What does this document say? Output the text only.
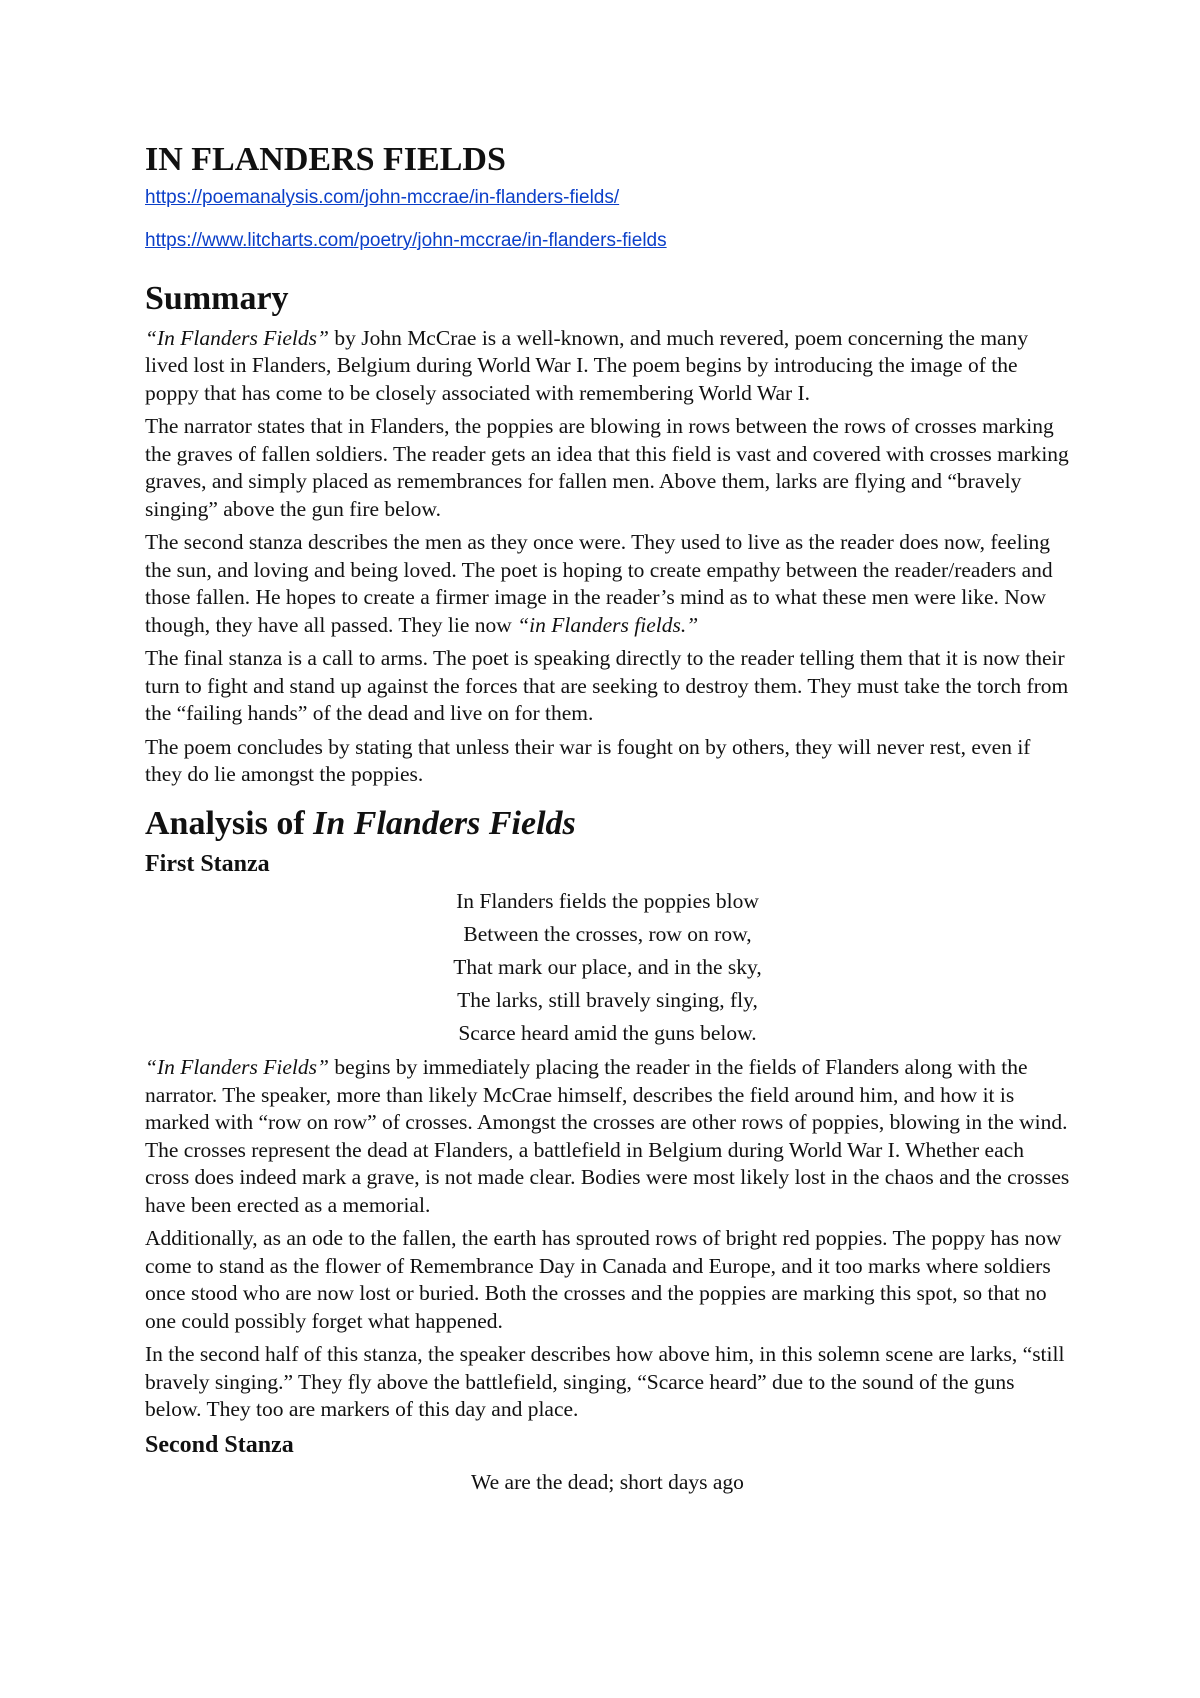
IN FLANDERS FIELDS
https://poemanalysis.com/john-mccrae/in-flanders-fields/
https://www.litcharts.com/poetry/john-mccrae/in-flanders-fields
Summary

“In Flanders Fields” by John McCrae is a well-known, and much revered, poem concerning the many lived lost in Flanders, Belgium during World War I. The poem begins by introducing the image of the poppy that has come to be closely associated with remembering World War I.

The narrator states that in Flanders, the poppies are blowing in rows between the rows of crosses marking the graves of fallen soldiers. The reader gets an idea that this field is vast and covered with crosses marking graves, and simply placed as remembrances for fallen men. Above them, larks are flying and “bravely singing” above the gun fire below.

The second stanza describes the men as they once were. They used to live as the reader does now, feeling the sun, and loving and being loved. The poet is hoping to create empathy between the reader/readers and those fallen. He hopes to create a firmer image in the reader’s mind as to what these men were like. Now though, they have all passed. They lie now “in Flanders fields.”

The final stanza is a call to arms. The poet is speaking directly to the reader telling them that it is now their turn to fight and stand up against the forces that are seeking to destroy them. They must take the torch from the “failing hands” of the dead and live on for them.

The poem concludes by stating that unless their war is fought on by others, they will never rest, even if they do lie amongst the poppies.

Analysis of In Flanders Fields
First Stanza
In Flanders fields the poppies blow
Between the crosses, row on row,
That mark our place, and in the sky,
The larks, still bravely singing, fly,
Scarce heard amid the guns below.

“In Flanders Fields” begins by immediately placing the reader in the fields of Flanders along with the narrator. The speaker, more than likely McCrae himself, describes the field around him, and how it is marked with “row on row” of crosses. Amongst the crosses are other rows of poppies, blowing in the wind. The crosses represent the dead at Flanders, a battlefield in Belgium during World War I. Whether each cross does indeed mark a grave, is not made clear. Bodies were most likely lost in the chaos and the crosses have been erected as a memorial.

Additionally, as an ode to the fallen, the earth has sprouted rows of bright red poppies. The poppy has now come to stand as the flower of Remembrance Day in Canada and Europe, and it too marks where soldiers once stood who are now lost or buried. Both the crosses and the poppies are marking this spot, so that no one could possibly forget what happened.

In the second half of this stanza, the speaker describes how above him, in this solemn scene are larks, “still bravely singing.” They fly above the battlefield, singing, “Scarce heard” due to the sound of the guns below. They too are markers of this day and place.

Second Stanza
We are the dead; short days ago
